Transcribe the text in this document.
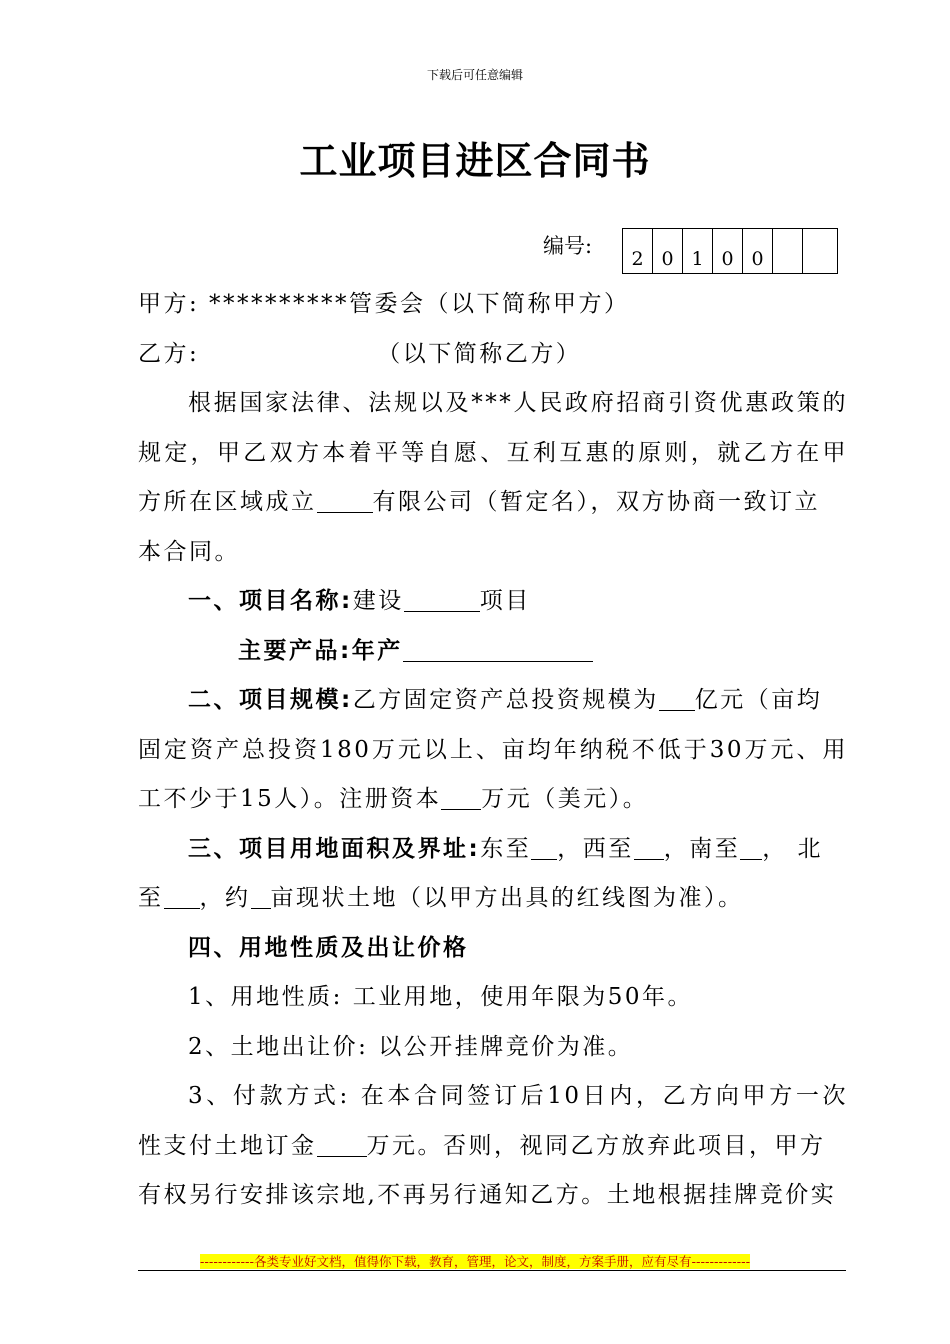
下载后可任意编辑
工业项目进区合同书
编号:
2 0 1 0 0
甲方: **********管委会（以下简称甲方）
乙方:	（以下简称乙方）
根据国家法律、法规以及***人民政府招商引资优惠政策的
规定，甲乙双方本着平等自愿、互利互惠的原则，就乙方在甲
方所在区域成立 有限公司（暂定名），双方协商一致订立
本合同。
一、项目名称:建设	项目
主要产品:年产
二、项目规模:乙方固定资产总投资规模为 亿元（亩均
固定资产总投资180万元以上、亩均年纳税不低于30万元、用
工不少于15人）。注册资本 万元（美元）。
三、项目用地面积及界址:东至 ，西至 ，南至 ， 北
至 ，约 亩现状土地（以甲方出具的红线图为准）。
四、用地性质及出让价格
1、用地性质: 工业用地，使用年限为50年。
2、土地出让价: 以公开挂牌竞价为准。
3、付款方式: 在本合同签订后10日内，乙方向甲方一次
性支付土地订金 万元。否则，视同乙方放弃此项目，甲方
有权另行安排该宗地,不再另行通知乙方。土地根据挂牌竞价实
------------各类专业好文档，值得你下载，教育，管理，论文，制度，方案手册，应有尽有-------------
